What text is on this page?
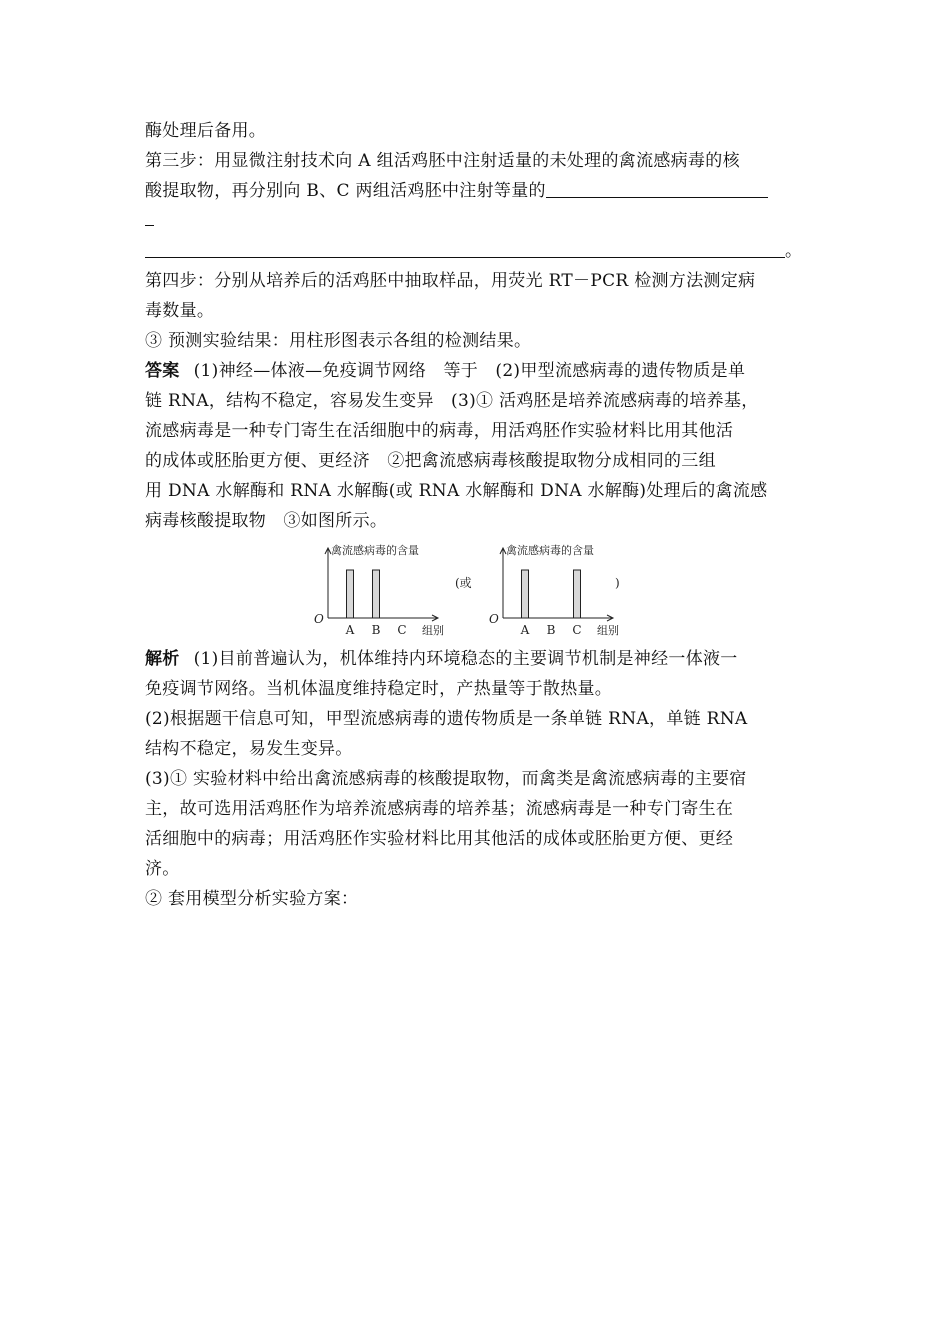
酶处理后备用。
第三步：用显微注射技术向 A 组活鸡胚中注射适量的未处理的禽流感病毒的核
酸提取物，再分别向 B、C 两组活鸡胚中注射等量的
。
第四步：分别从培养后的活鸡胚中抽取样品，用荧光 RT－PCR 检测方法测定病
毒数量。
③ 预测实验结果：用柱形图表示各组的检测结果。
答案 (1)神经—体液—免疫调节网络　等于　(2)甲型流感病毒的遗传物质是单
链 RNA，结构不稳定，容易发生变异　(3)① 活鸡胚是培养流感病毒的培养基，
流感病毒是一种专门寄生在活细胞中的病毒，用活鸡胚作实验材料比用其他活
的成体或胚胎更方便、更经济　②把禽流感病毒核酸提取物分成相同的三组
用 DNA 水解酶和 RNA 水解酶(或 RNA 水解酶和 DNA 水解酶)处理后的禽流感
病毒核酸提取物　③如图所示。
禽流感病毒的含量
O
A B C 组别
禽流感病毒的含量
O
A B C 组别
(或	)
解析 (1)目前普遍认为，机体维持内环境稳态的主要调节机制是神经一体液一
免疫调节网络。当机体温度维持稳定时，产热量等于散热量。
(2)根据题干信息可知，甲型流感病毒的遗传物质是一条单链 RNA，单链 RNA
结构不稳定，易发生变异。
(3)① 实验材料中给出禽流感病毒的核酸提取物，而禽类是禽流感病毒的主要宿
主，故可选用活鸡胚作为培养流感病毒的培养基；流感病毒是一种专门寄生在
活细胞中的病毒；用活鸡胚作实验材料比用其他活的成体或胚胎更方便、更经
济。
② 套用模型分析实验方案：
